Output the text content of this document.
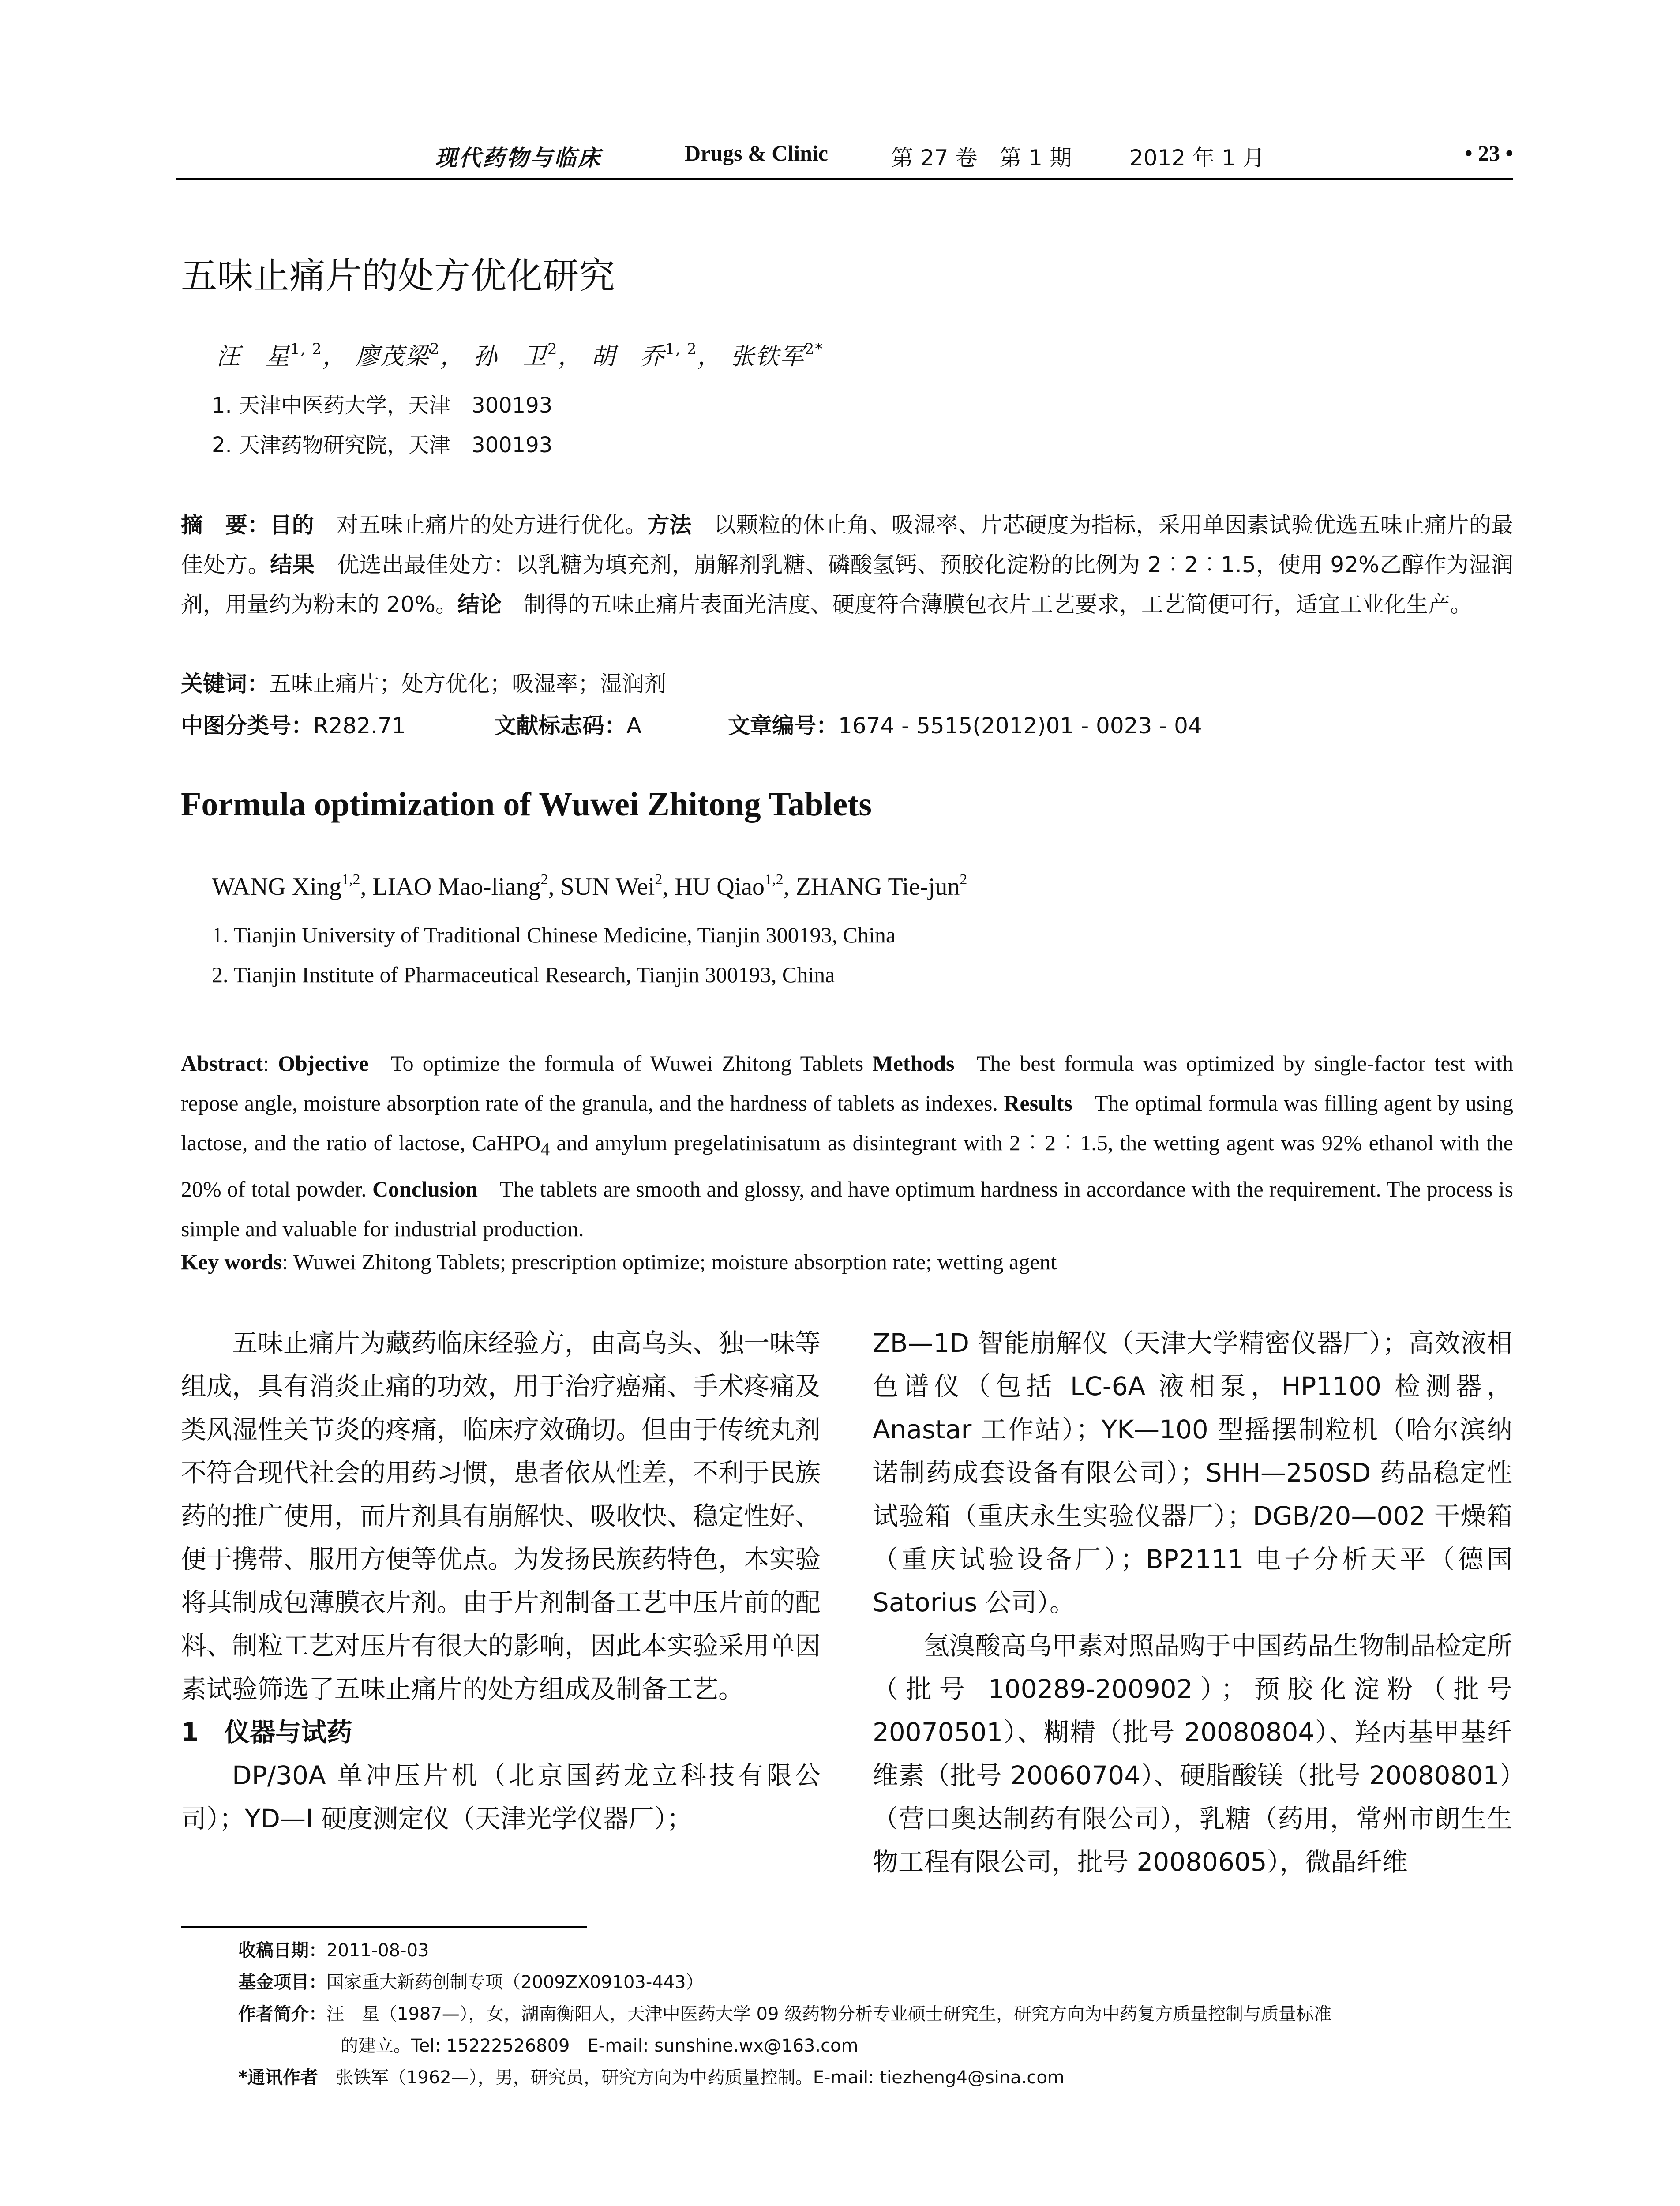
现代药物与临床	Drugs & Clinic	第 27 卷　第 1 期	2012 年 1 月	• 23 •
五味止痛片的处方优化研究
汪　星$^{1, 2}$， 廖茂梁$^2$， 孙　卫$^2$， 胡　乔$^{1, 2}$， 张铁军$^{2*}$
1. 天津中医药大学，天津　300193
2. 天津药物研究院，天津　300193
摘　要：目的　对五味止痛片的处方进行优化。方法　以颗粒的休止角、吸湿率、片芯硬度为指标，采用单因素试验优选五味止痛片的最佳处方。结果　优选出最佳处方：以乳糖为填充剂，崩解剂乳糖、磷酸氢钙、预胶化淀粉的比例为 2︰2︰1.5，使用 92%乙醇作为湿润剂，用量约为粉末的 20%。结论　制得的五味止痛片表面光洁度、硬度符合薄膜包衣片工艺要求，工艺简便可行，适宜工业化生产。
关键词：五味止痛片；处方优化；吸湿率；湿润剂
中图分类号： R282.71	文献标志码： A	文章编号： 1674 - 5515(2012)01 - 0023 - 04
Formula optimization of Wuwei Zhitong Tablets
WANG Xing$^{1,2}$, LIAO Mao-liang$^2$, SUN Wei$^2$, HU Qiao$^{1,2}$, ZHANG Tie-jun$^2$
1. Tianjin University of Traditional Chinese Medicine, Tianjin 300193, China
2. Tianjin Institute of Pharmaceutical Research, Tianjin 300193, China
Abstract: Objective  To optimize the formula of Wuwei Zhitong Tablets Methods  The best formula was optimized by single-factor test with repose angle, moisture absorption rate of the granula, and the hardness of tablets as indexes. Results  The optimal formula was filling agent by using lactose, and the ratio of lactose, CaHPO$_4$ and amylum pregelatinisatum as disintegrant with 2︰2︰1.5, the wetting agent was 92% ethanol with the 20% of total powder. Conclusion  The tablets are smooth and glossy, and have optimum hardness in accordance with the requirement. The process is simple and valuable for industrial production.
Key words: Wuwei Zhitong Tablets; prescription optimize; moisture absorption rate; wetting agent

五味止痛片为藏药临床经验方，由高乌头、独一味等组成，具有消炎止痛的功效，用于治疗癌痛、手术疼痛及类风湿性关节炎的疼痛，临床疗效确切。但由于传统丸剂不符合现代社会的用药习惯，患者依从性差，不利于民族药的推广使用，而片剂具有崩解快、吸收快、稳定性好、便于携带、服用方便等优点。为发扬民族药特色，本实验将其制成包薄膜衣片剂。由于片剂制备工艺中压片前的配料、制粒工艺对压片有很大的影响，因此本实验采用单因素试验筛选了五味止痛片的处方组成及制备工艺。

1　仪器与试药

DP/30A 单冲压片机（北京国药龙立科技有限公司）；YD—I 硬度测定仪（天津光学仪器厂）；

ZB—1D 智能崩解仪（天津大学精密仪器厂）；高效液相色谱仪（包括 LC-6A 液相泵，HP1100 检测器，Anastar 工作站）；YK—100 型摇摆制粒机（哈尔滨纳诺制药成套设备有限公司）；SHH—250SD 药品稳定性试验箱（重庆永生实验仪器厂）；DGB/20—002 干燥箱（重庆试验设备厂）；BP2111 电子分析天平（德国 Satorius 公司）。

氢溴酸高乌甲素对照品购于中国药品生物制品检定所（批号 100289-200902）；预胶化淀粉（批号 20070501）、糊精（批号 20080804）、羟丙基甲基纤维素（批号 20060704）、硬脂酸镁（批号 20080801）（营口奥达制药有限公司），乳糖（药用，常州市朗生生物工程有限公司，批号 20080605），微晶纤维

收稿日期：2011-08-03
基金项目：国家重大新药创制专项（2009ZX09103-443）
作者简介：汪　星（1987—），女，湖南衡阳人，天津中医药大学 09 级药物分析专业硕士研究生，研究方向为中药复方质量控制与质量标准
的建立。Tel: 15222526809　E-mail: sunshine.wx@163.com
*通讯作者  张铁军（1962—），男，研究员，研究方向为中药质量控制。E-mail: tiezheng4@sina.com
